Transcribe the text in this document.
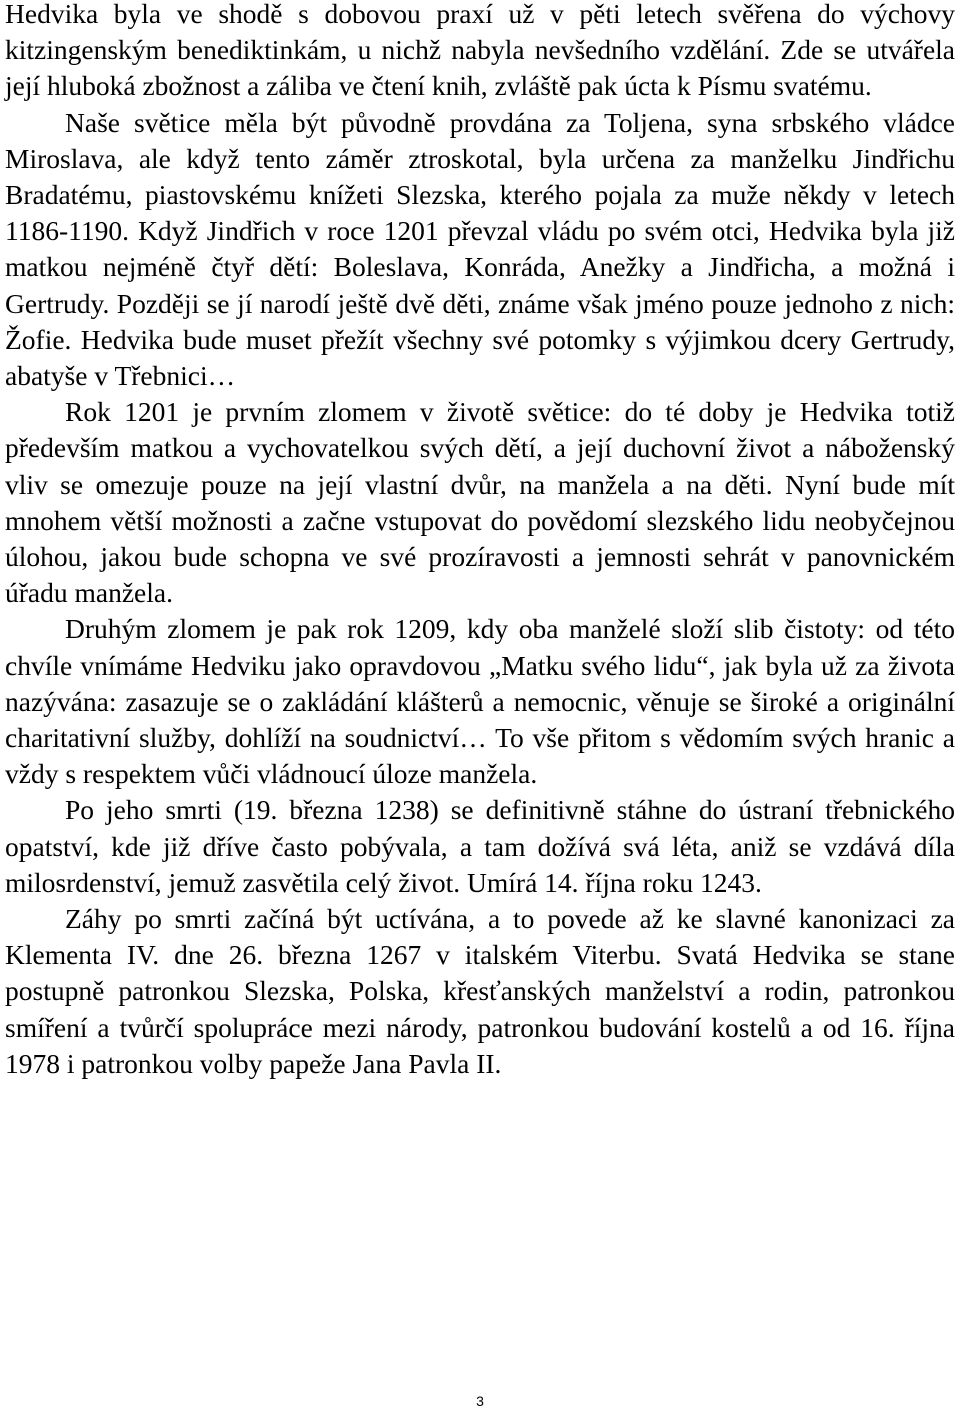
Hedvika byla ve shodě s dobovou praxí už v pěti letech svěřena do výchovy kitzingenským benediktinkám, u nichž nabyla nevšedního vzdělání. Zde se utvářela její hluboká zbožnost a záliba ve čtení knih, zvláště pak úcta k Písmu svatému.

Naše světice měla být původně provdána za Toljena, syna srbského vládce Miroslava, ale když tento záměr ztroskotal, byla určena za manželku Jindřichu Bradatému, piastovskému knížeti Slezska, kterého pojala za muže někdy v letech 1186-1190. Když Jindřich v roce 1201 převzal vládu po svém otci, Hedvika byla již matkou nejméně čtyř dětí: Boleslava, Konráda, Anežky a Jindřicha, a možná i Gertrudy. Později se jí narodí ještě dvě děti, známe však jméno pouze jednoho z nich: Žofie. Hedvika bude muset přežít všechny své potomky s výjimkou dcery Gertrudy, abatyše v Třebnici…

Rok 1201 je prvním zlomem v životě světice: do té doby je Hedvika totiž především matkou a vychovatelkou svých dětí, a její duchovní život a náboženský vliv se omezuje pouze na její vlastní dvůr, na manžela a na děti. Nyní bude mít mnohem větší možnosti a začne vstupovat do povědomí slezského lidu neobyčejnou úlohou, jakou bude schopna ve své prozíravosti a jemnosti sehrát v panovnickém úřadu manžela.

Druhým zlomem je pak rok 1209, kdy oba manželé složí slib čistoty: od této chvíle vnímáme Hedviku jako opravdovou „Matku svého lidu“, jak byla už za života nazývána: zasazuje se o zakládání klášterů a nemocnic, věnuje se široké a originální charitativní služby, dohlíží na soudnictví… To vše přitom s vědomím svých hranic a vždy s respektem vůči vládnoucí úloze manžela.

Po jeho smrti (19. března 1238) se definitivně stáhne do ústraní třebnického opatství, kde již dříve často pobývala, a tam dožívá svá léta, aniž se vzdává díla milosrdenství, jemuž zasvětila celý život. Umírá 14. října roku 1243.

Záhy po smrti začíná být uctívána, a to povede až ke slavné kanonizaci za Klementa IV. dne 26. března 1267 v italském Viterbu. Svatá Hedvika se stane postupně patronkou Slezska, Polska, křesťanských manželství a rodin, patronkou smíření a tvůrčí spolupráce mezi národy, patronkou budování kostelů a od 16. října 1978 i patronkou volby papeže Jana Pavla II.

3
